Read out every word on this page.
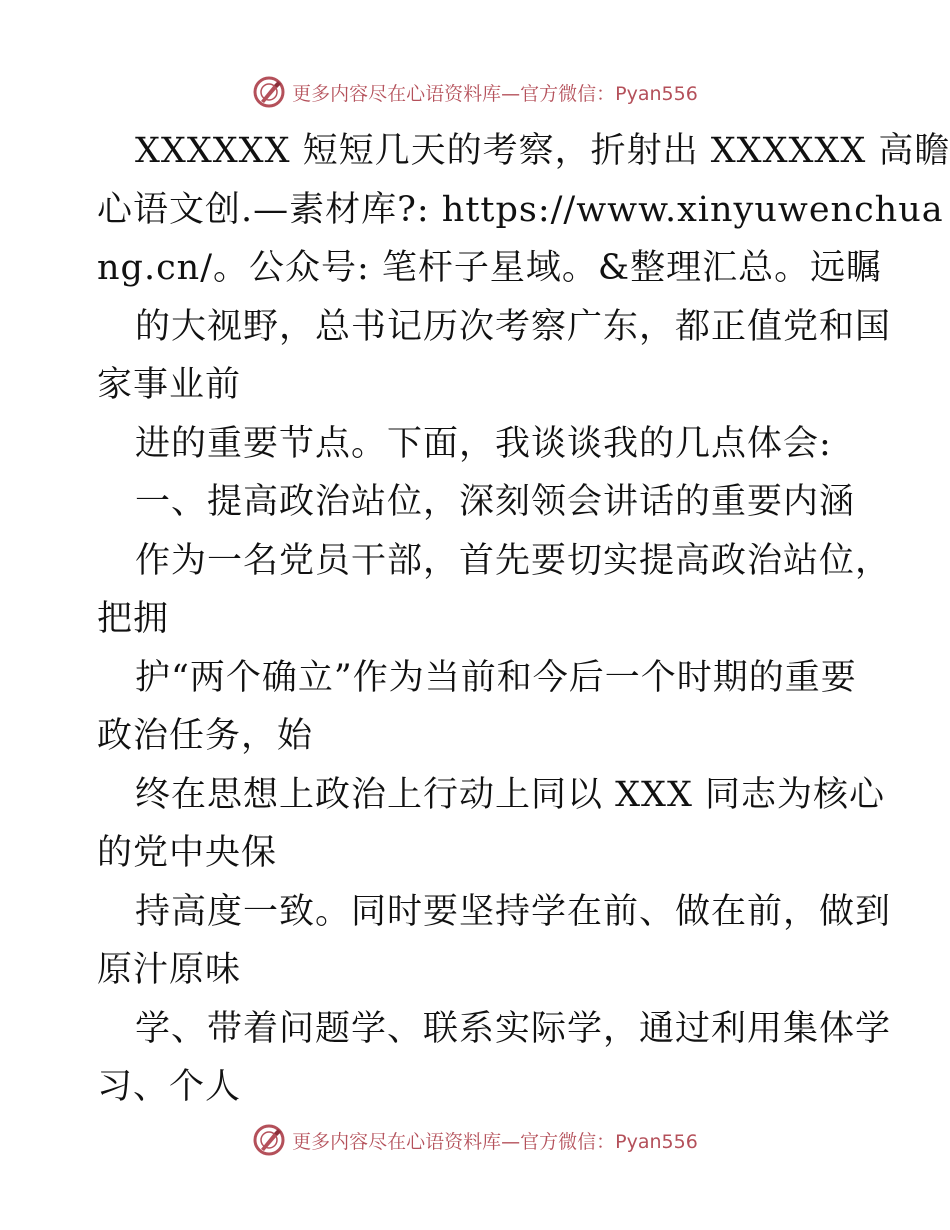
更多内容尽在心语资料库—官方微信：Pyan556
XXXXXX 短短几天的考察，折射出 XXXXXX 高瞻
心语文创.—素材库?: https://www.xinyuwenchua
ng.cn/。公众号: 笔杆子星域。&整理汇总。远瞩
的大视野，总书记历次考察广东，都正值党和国
家事业前
进的重要节点。下面，我谈谈我的几点体会:
一、提高政治站位，深刻领会讲话的重要内涵
作为一名党员干部，首先要切实提高政治站位，
把拥
护“两个确立”作为当前和今后一个时期的重要
政治任务，始
终在思想上政治上行动上同以 XXX 同志为核心
的党中央保
持高度一致。同时要坚持学在前、做在前，做到
原汁原味
学、带着问题学、联系实际学，通过利用集体学
习、个人
更多内容尽在心语资料库—官方微信：Pyan556
